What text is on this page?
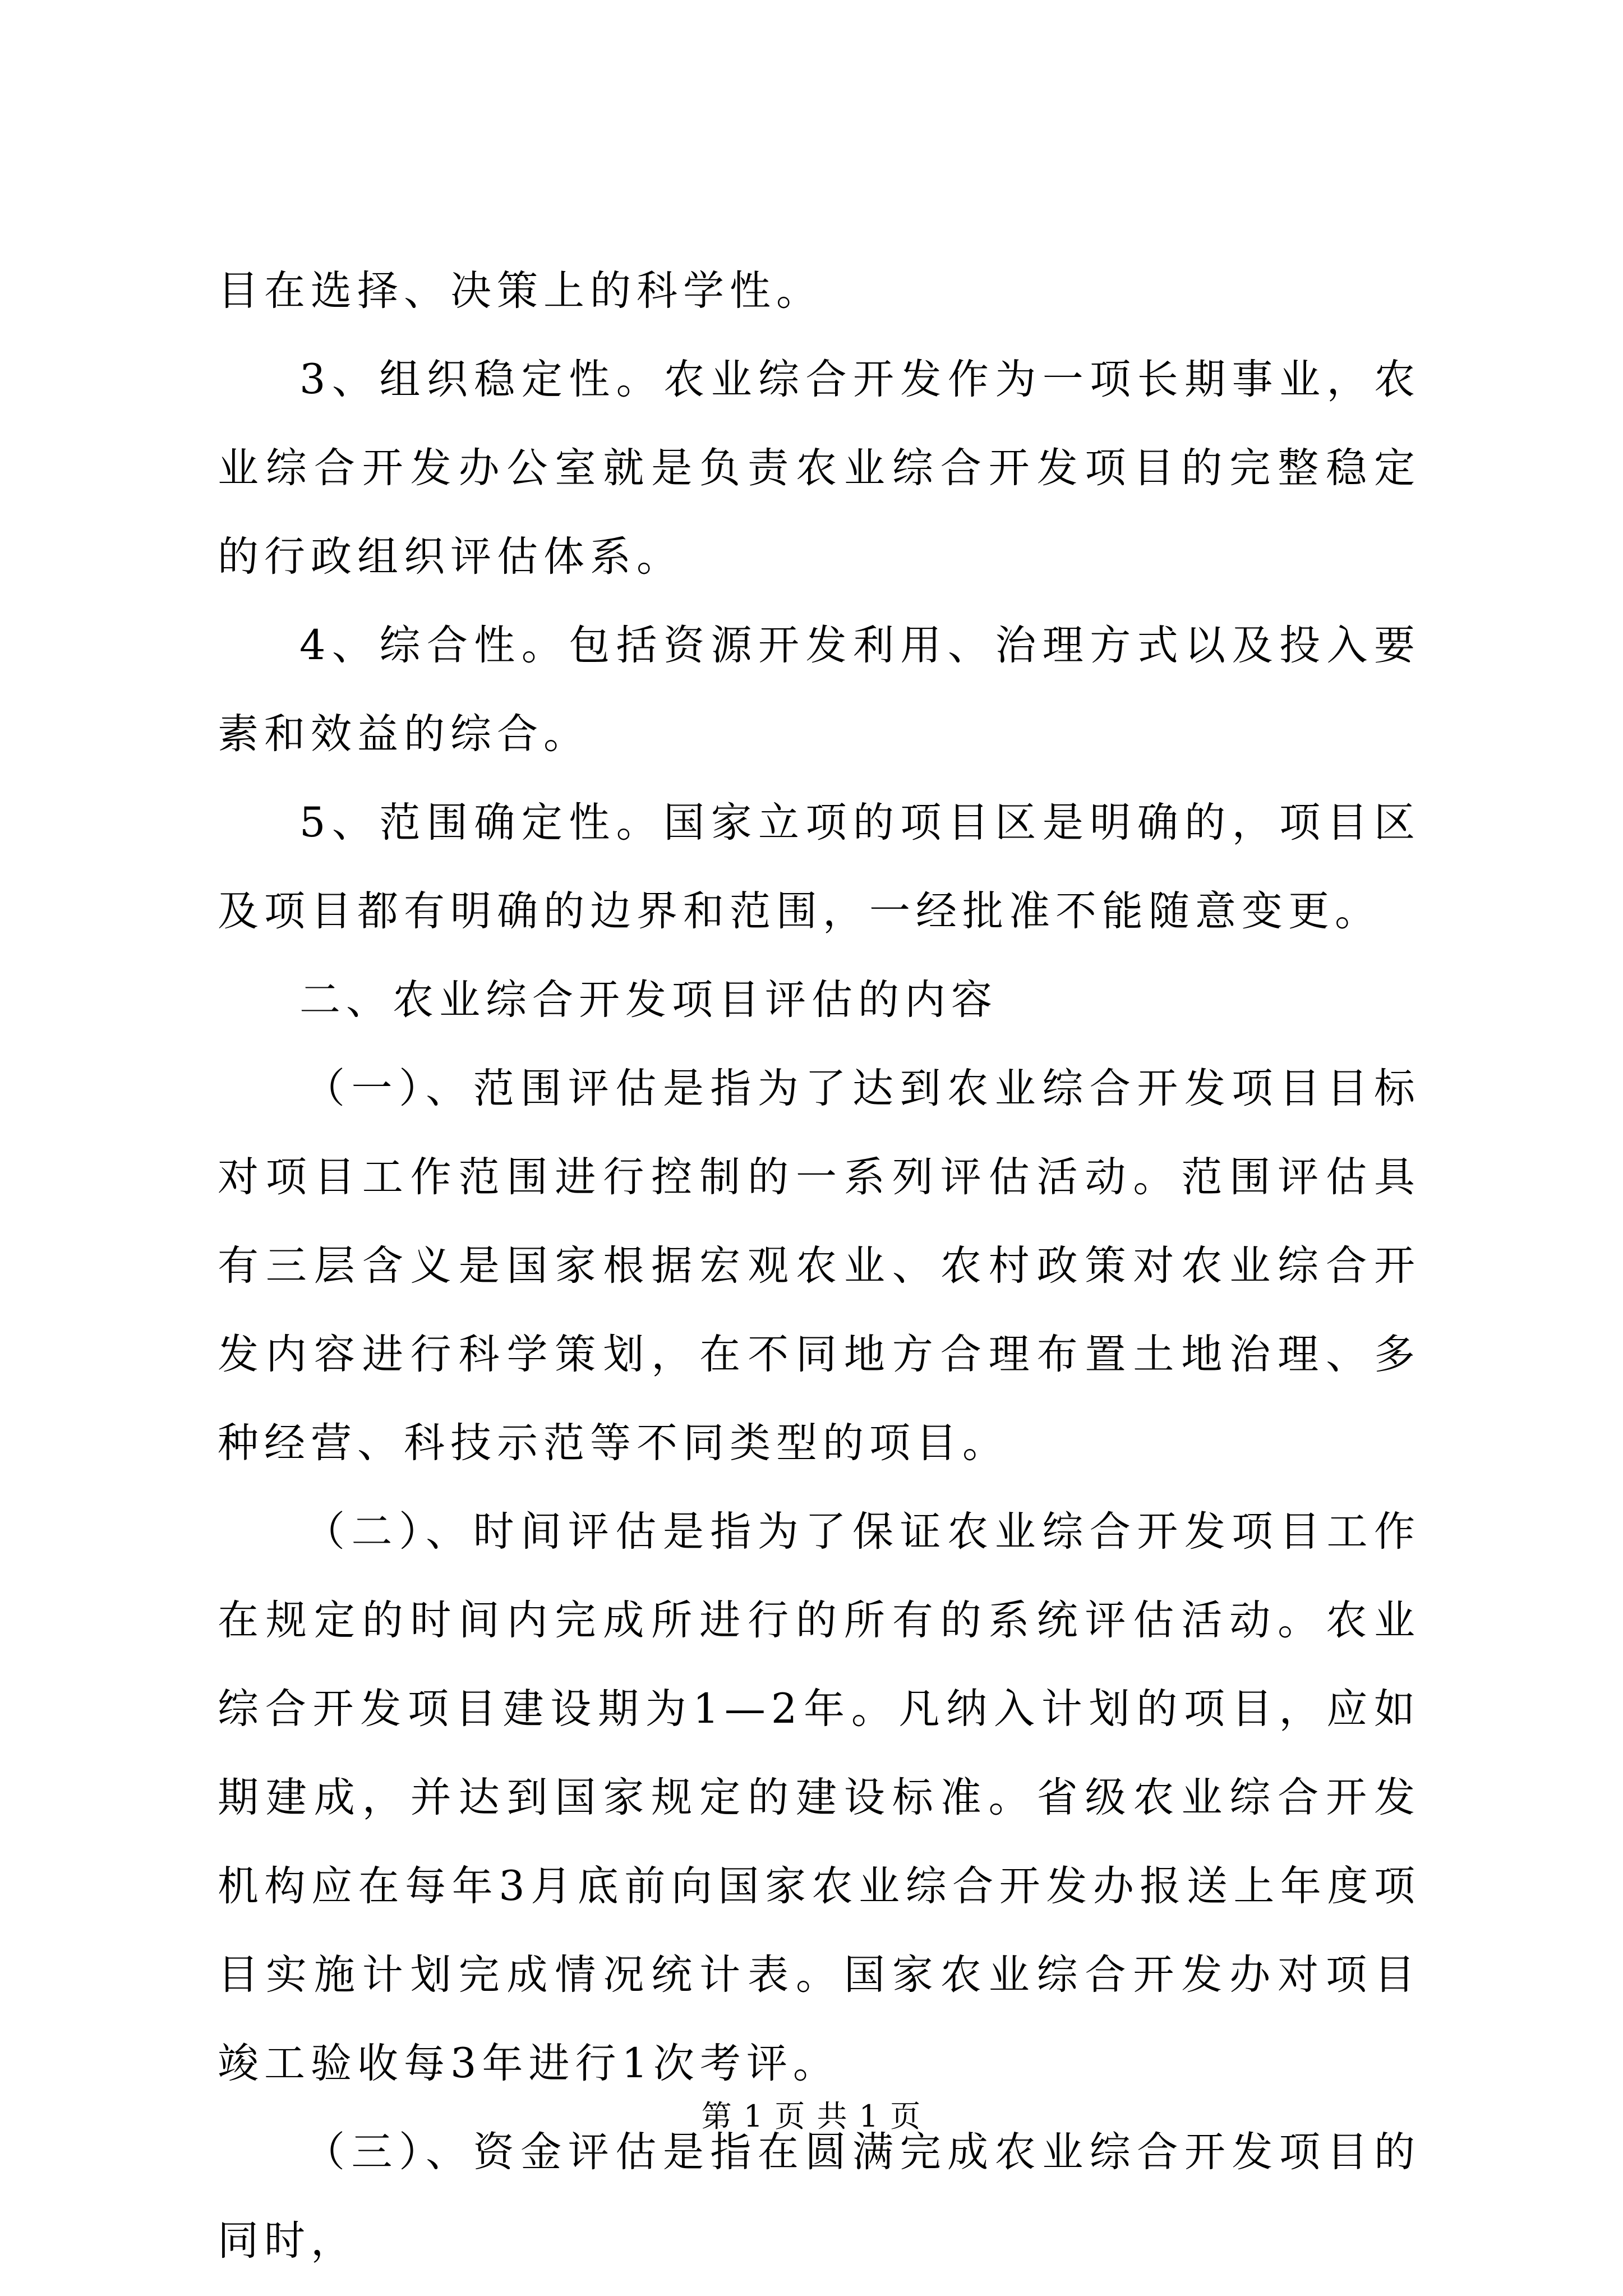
目在选择、决策上的科学性。

3、组织稳定性。农业综合开发作为一项长期事业，农业综合开发办公室就是负责农业综合开发项目的完整稳定的行政组织评估体系。

4、综合性。包括资源开发利用、治理方式以及投入要素和效益的综合。

5、范围确定性。国家立项的项目区是明确的，项目区及项目都有明确的边界和范围，一经批准不能随意变更。

二、农业综合开发项目评估的内容

（一）、范围评估是指为了达到农业综合开发项目目标对项目工作范围进行控制的一系列评估活动。范围评估具有三层含义是国家根据宏观农业、农村政策对农业综合开发内容进行科学策划，在不同地方合理布置土地治理、多种经营、科技示范等不同类型的项目。

（二）、时间评估是指为了保证农业综合开发项目工作在规定的时间内完成所进行的所有的系统评估活动。农业综合开发项目建设期为1—2年。凡纳入计划的项目，应如期建成，并达到国家规定的建设标准。省级农业综合开发机构应在每年3月底前向国家农业综合开发办报送上年度项目实施计划完成情况统计表。国家农业综合开发办对项目竣工验收每3年进行1次考评。

（三）、资金评估是指在圆满完成农业综合开发项目的同时，

第 1 页 共 1 页
